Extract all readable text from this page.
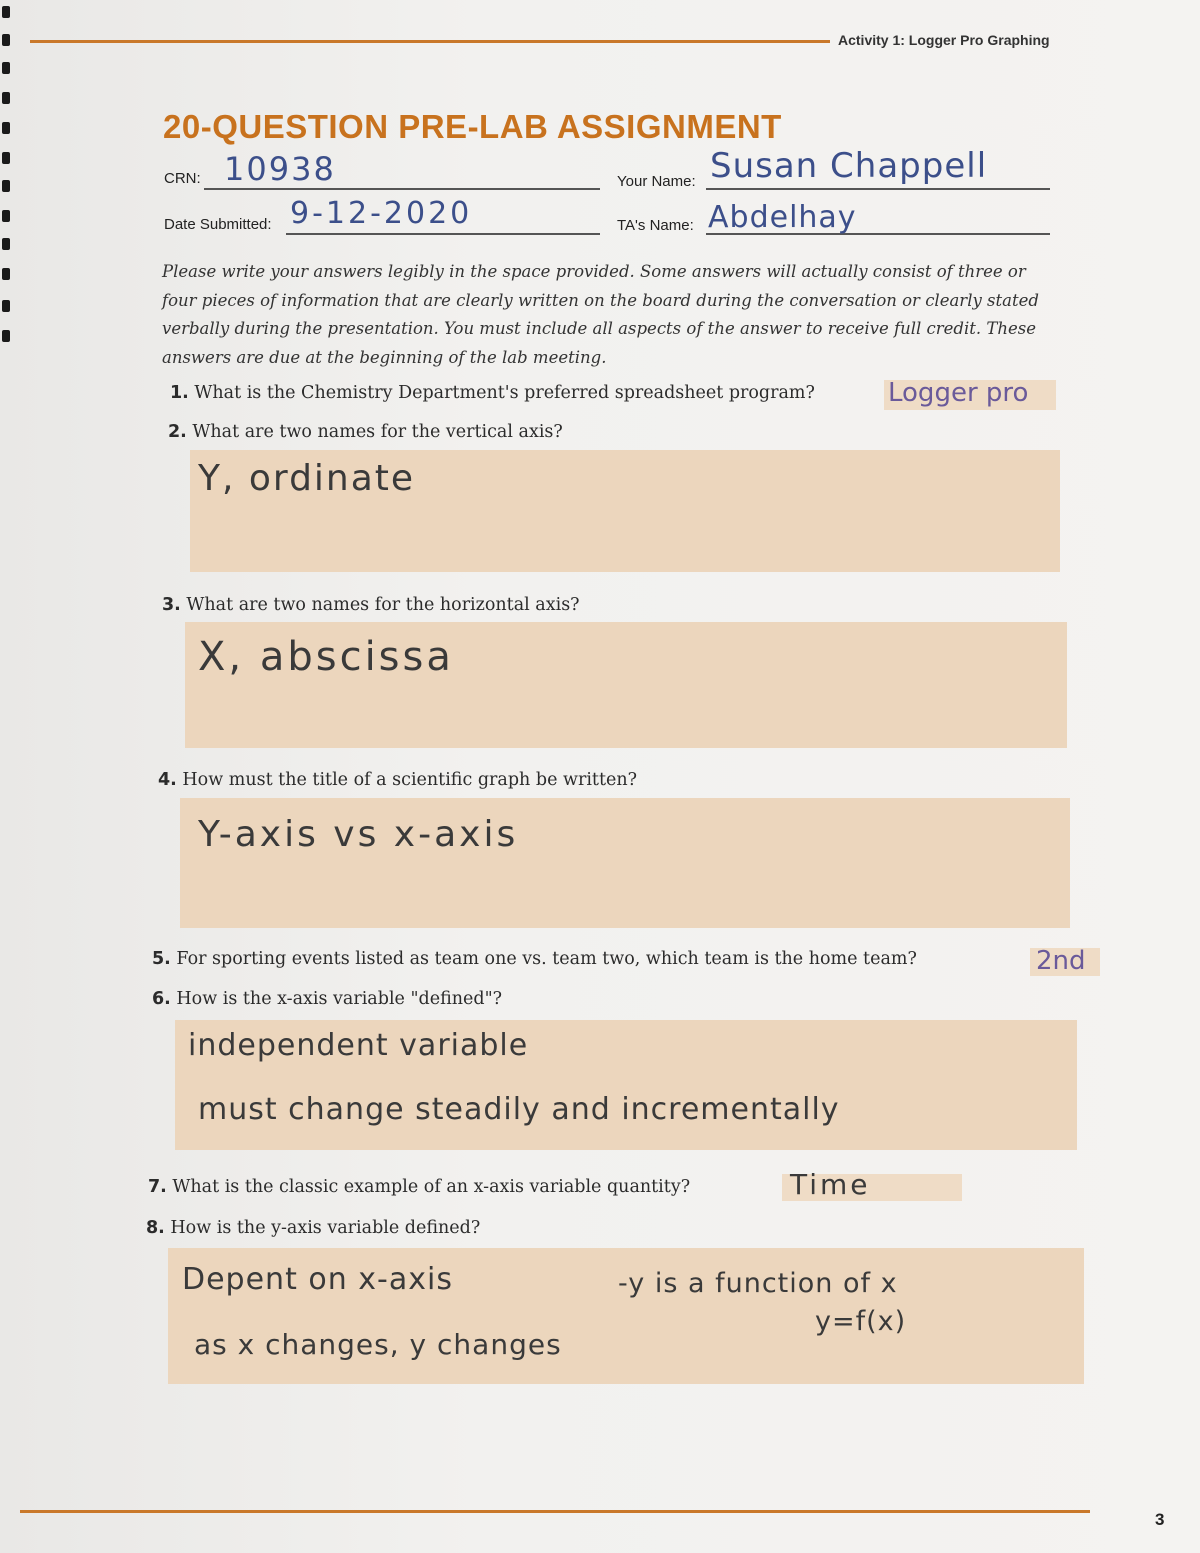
Activity 1: Logger Pro Graphing
20-QUESTION PRE-LAB ASSIGNMENT
CRN: 10938	Your Name: Susan Chappell
Date Submitted: 9-12-2020	TA's Name: Abdelhay
Please write your answers legibly in the space provided. Some answers will actually consist of three or four pieces of information that are clearly written on the board during the conversation or clearly stated verbally during the presentation. You must include all aspects of the answer to receive full credit. These answers are due at the beginning of the lab meeting.
1. What is the Chemistry Department's preferred spreadsheet program?	Logger pro
2. What are two names for the vertical axis?
Y, ordinate
3. What are two names for the horizontal axis?
X, abscissa
4. How must the title of a scientific graph be written?
Y-axis vs x-axis
5. For sporting events listed as team one vs. team two, which team is the home team?	2nd
6. How is the x-axis variable "defined"?
independent variable
must change steadily and incrementally
7. What is the classic example of an x-axis variable quantity?	Time
8. How is the y-axis variable defined?
Depent on x-axis
as x changes, y changes
-y is a function of x
y=f(x)
3
